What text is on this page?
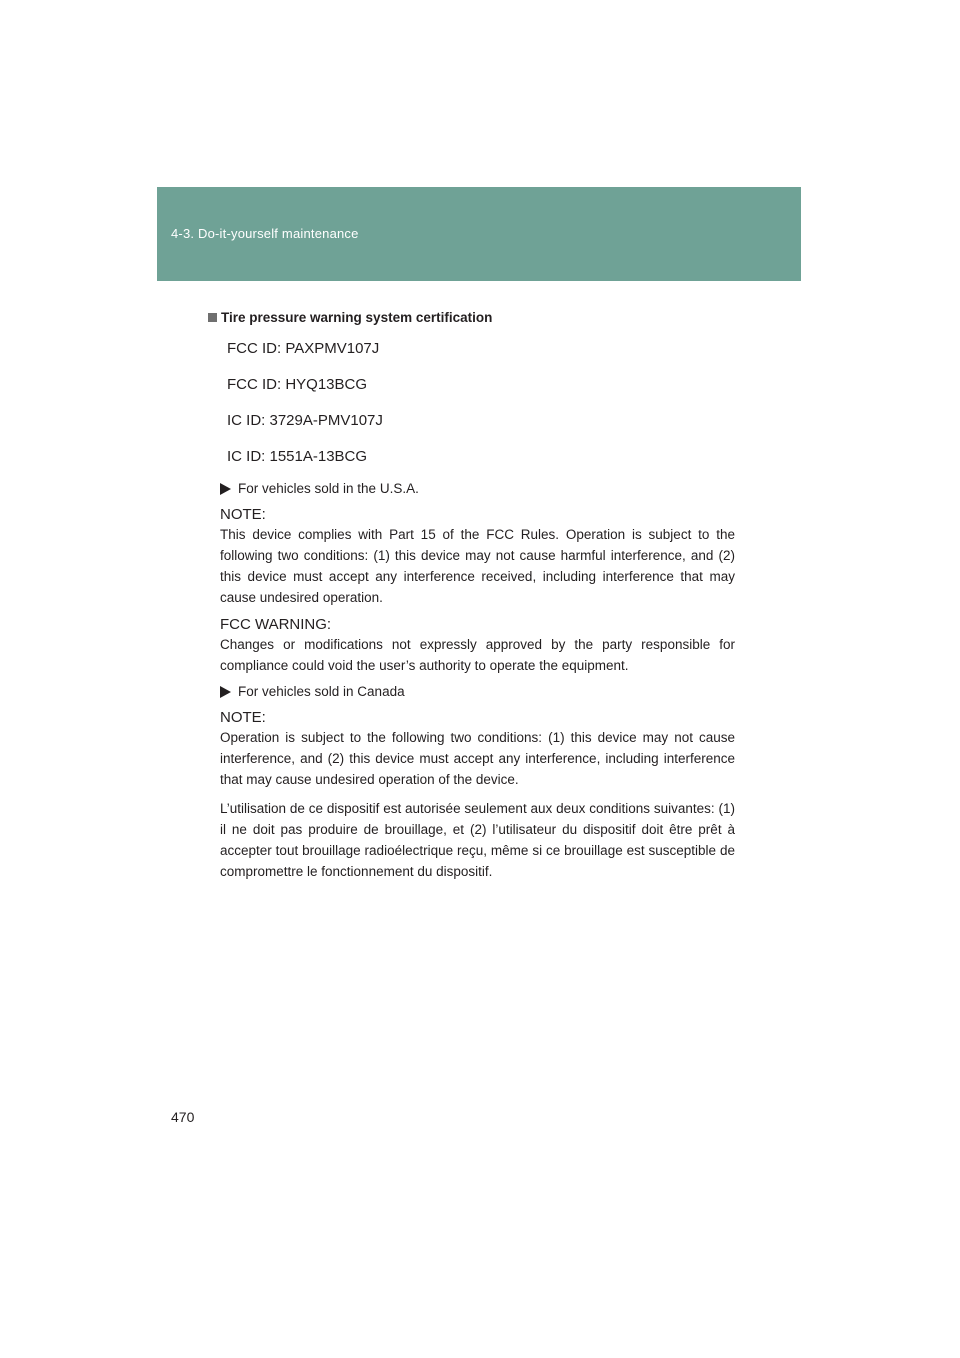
4-3. Do-it-yourself maintenance
Tire pressure warning system certification
FCC ID: PAXPMV107J
FCC ID: HYQ13BCG
IC ID: 3729A-PMV107J
IC ID: 1551A-13BCG
For vehicles sold in the U.S.A.
NOTE:
This device complies with Part 15 of the FCC Rules. Operation is subject to the following two conditions: (1) this device may not cause harmful interference, and (2) this device must accept any interference received, including interference that may cause undesired operation.
FCC WARNING:
Changes or modifications not expressly approved by the party responsible for compliance could void the user’s authority to operate the equipment.
For vehicles sold in Canada
NOTE:
Operation is subject to the following two conditions: (1) this device may not cause interference, and (2) this device must accept any interference, including interference that may cause undesired operation of the device.
L’utilisation de ce dispositif est autorisée seulement aux deux conditions suivantes: (1) il ne doit pas produire de brouillage, et (2) l’utilisateur du dispositif doit être prêt à accepter tout brouillage radioélectrique reçu, même si ce brouillage est susceptible de compromettre le fonctionnement du dispositif.
470
